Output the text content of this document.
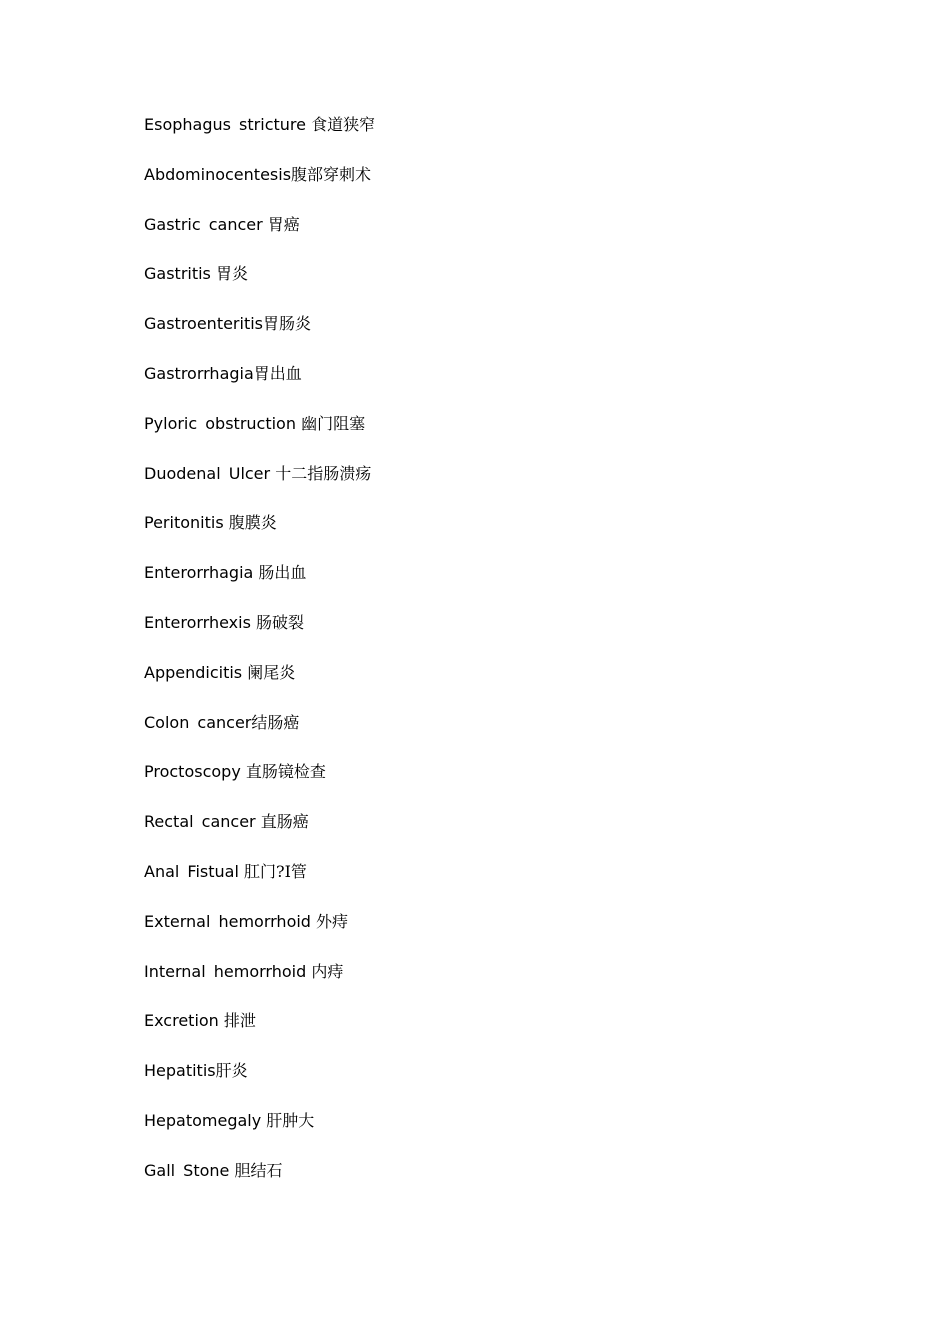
Esophagus stricture 食道狭窄
Abdominocentesis腹部穿刺术
Gastric cancer 胃癌
Gastritis 胃炎
Gastroenteritis胃肠炎
Gastrorrhagia胃出血
Pyloric obstruction 幽门阻塞
Duodenal Ulcer 十二指肠溃疡
Peritonitis 腹膜炎
Enterorrhagia 肠出血
Enterorrhexis 肠破裂
Appendicitis 阑尾炎
Colon cancer结肠癌
Proctoscopy 直肠镜检查
Rectal cancer 直肠癌
Anal Fistual 肛门?I管
External hemorrhoid 外痔
Internal hemorrhoid 内痔
Excretion 排泄
Hepatitis肝炎
Hepatomegaly 肝肿大
Gall Stone 胆结石
